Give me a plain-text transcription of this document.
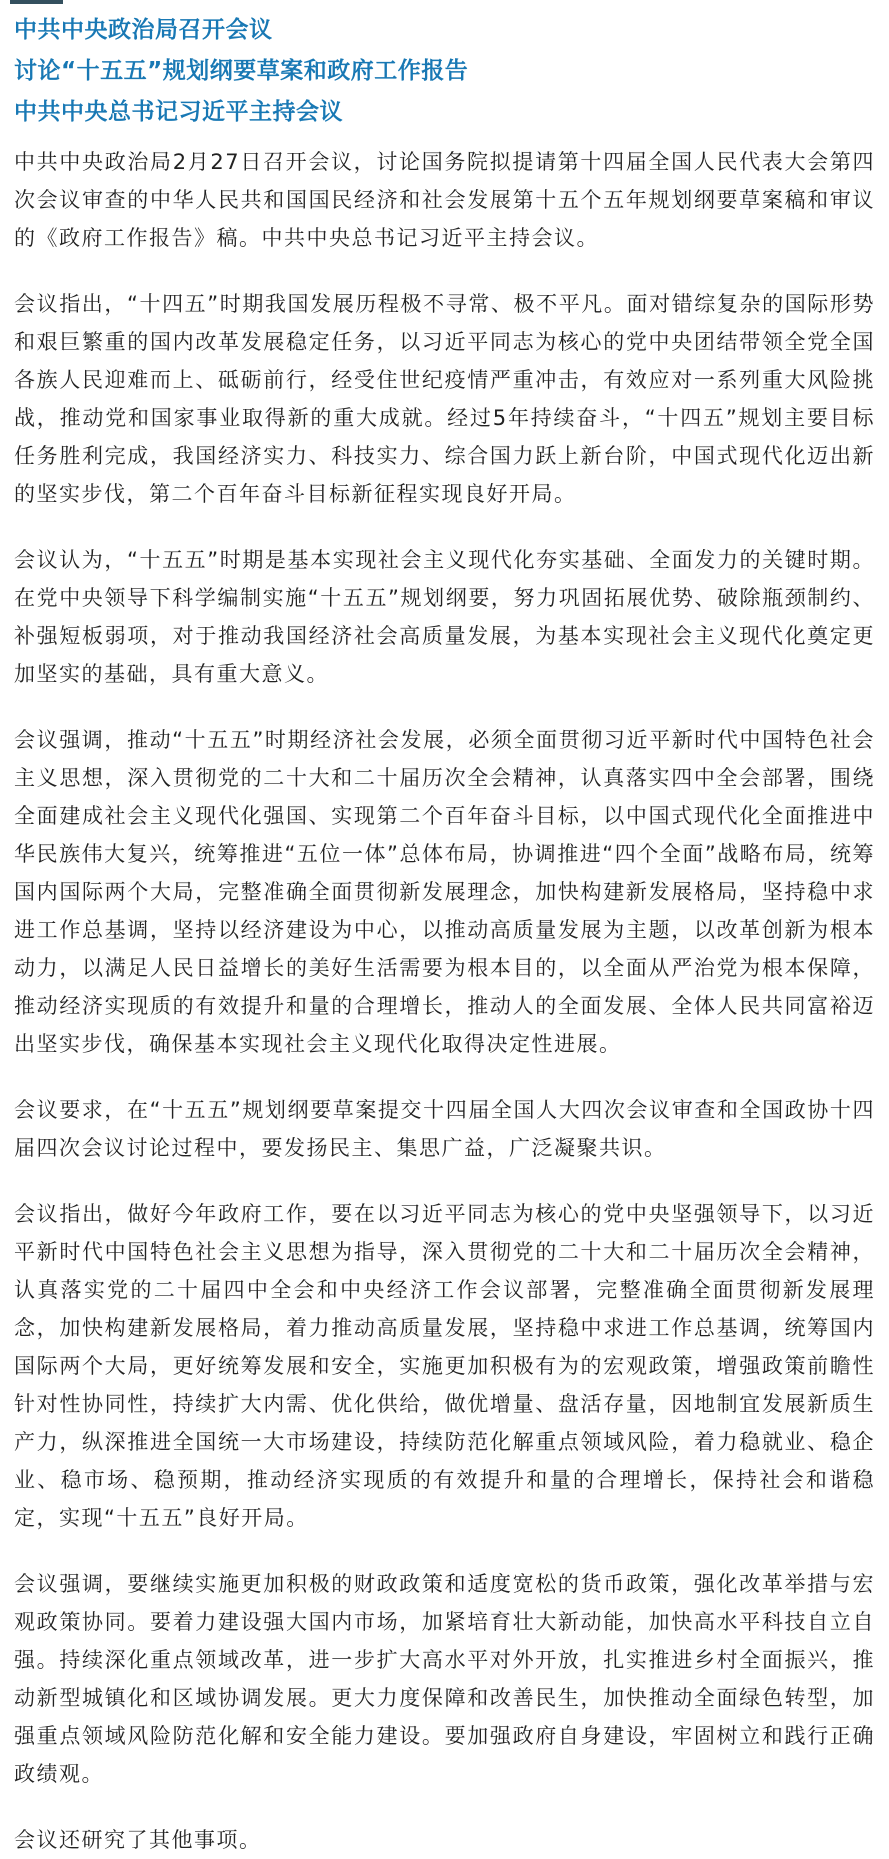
中共中央政治局召开会议
讨论“十五五”规划纲要草案和政府工作报告
中共中央总书记习近平主持会议

中共中央政治局2月27日召开会议，讨论国务院拟提请第十四届全国人民代表大会第四次会议审查的中华人民共和国国民经济和社会发展第十五个五年规划纲要草案稿和审议的《政府工作报告》稿。中共中央总书记习近平主持会议。

会议指出，“十四五”时期我国发展历程极不寻常、极不平凡。面对错综复杂的国际形势和艰巨繁重的国内改革发展稳定任务，以习近平同志为核心的党中央团结带领全党全国各族人民迎难而上、砥砺前行，经受住世纪疫情严重冲击，有效应对一系列重大风险挑战，推动党和国家事业取得新的重大成就。经过5年持续奋斗，“十四五”规划主要目标任务胜利完成，我国经济实力、科技实力、综合国力跃上新台阶，中国式现代化迈出新的坚实步伐，第二个百年奋斗目标新征程实现良好开局。

会议认为，“十五五”时期是基本实现社会主义现代化夯实基础、全面发力的关键时期。在党中央领导下科学编制实施“十五五”规划纲要，努力巩固拓展优势、破除瓶颈制约、补强短板弱项，对于推动我国经济社会高质量发展，为基本实现社会主义现代化奠定更加坚实的基础，具有重大意义。

会议强调，推动“十五五”时期经济社会发展，必须全面贯彻习近平新时代中国特色社会主义思想，深入贯彻党的二十大和二十届历次全会精神，认真落实四中全会部署，围绕全面建成社会主义现代化强国、实现第二个百年奋斗目标，以中国式现代化全面推进中华民族伟大复兴，统筹推进“五位一体”总体布局，协调推进“四个全面”战略布局，统筹国内国际两个大局，完整准确全面贯彻新发展理念，加快构建新发展格局，坚持稳中求进工作总基调，坚持以经济建设为中心，以推动高质量发展为主题，以改革创新为根本动力，以满足人民日益增长的美好生活需要为根本目的，以全面从严治党为根本保障，推动经济实现质的有效提升和量的合理增长，推动人的全面发展、全体人民共同富裕迈出坚实步伐，确保基本实现社会主义现代化取得决定性进展。

会议要求，在“十五五”规划纲要草案提交十四届全国人大四次会议审查和全国政协十四届四次会议讨论过程中，要发扬民主、集思广益，广泛凝聚共识。

会议指出，做好今年政府工作，要在以习近平同志为核心的党中央坚强领导下，以习近平新时代中国特色社会主义思想为指导，深入贯彻党的二十大和二十届历次全会精神，认真落实党的二十届四中全会和中央经济工作会议部署，完整准确全面贯彻新发展理念，加快构建新发展格局，着力推动高质量发展，坚持稳中求进工作总基调，统筹国内国际两个大局，更好统筹发展和安全，实施更加积极有为的宏观政策，增强政策前瞻性针对性协同性，持续扩大内需、优化供给，做优增量、盘活存量，因地制宜发展新质生产力，纵深推进全国统一大市场建设，持续防范化解重点领域风险，着力稳就业、稳企业、稳市场、稳预期，推动经济实现质的有效提升和量的合理增长，保持社会和谐稳定，实现“十五五”良好开局。

会议强调，要继续实施更加积极的财政政策和适度宽松的货币政策，强化改革举措与宏观政策协同。要着力建设强大国内市场，加紧培育壮大新动能，加快高水平科技自立自强。持续深化重点领域改革，进一步扩大高水平对外开放，扎实推进乡村全面振兴，推动新型城镇化和区域协调发展。更大力度保障和改善民生，加快推动全面绿色转型，加强重点领域风险防范化解和安全能力建设。要加强政府自身建设，牢固树立和践行正确政绩观。

会议还研究了其他事项。
